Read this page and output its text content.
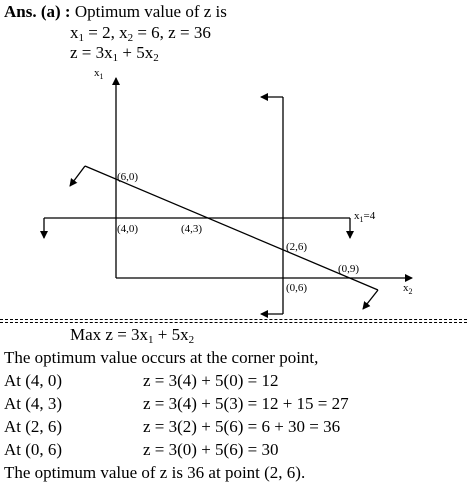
Ans. (a) : Optimum value of z is
$x_1 = 2$, $x_2 = 6$, z = 36
$z = 3x_1 + 5x_2$
$x_1$
$x_2$
$x_1=4$
(6,0)
(4,0)	(4,3)
(2,6)
(0,9)
(0,6)
Max $z = 3x_1 + 5x_2$
The optimum value occurs at the corner point,
At (4, 0)	z = 3(4) + 5(0) = 12
At (4, 3)	z = 3(4) + 5(3) = 12 + 15 = 27
At (2, 6)	z = 3(2) + 5(6) = 6 + 30 = 36
At (0, 6)	z = 3(0) + 5(6) = 30
The optimum value of z is 36 at point (2, 6).
